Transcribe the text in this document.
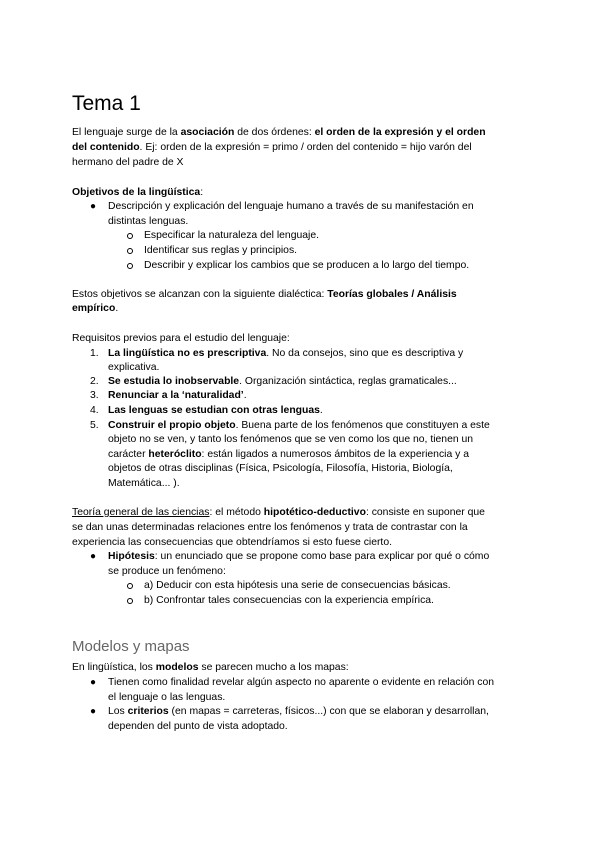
Tema 1
El lenguaje surge de la asociación de dos órdenes: el orden de la expresión y el orden
del contenido. Ej: orden de la expresión = primo / orden del contenido = hijo varón del
hermano del padre de X
Objetivos de la lingüística:
● Descripción y explicación del lenguaje humano a través de su manifestación en
distintas lenguas.
Especificar la naturaleza del lenguaje.
Identificar sus reglas y principios.
Describir y explicar los cambios que se producen a lo largo del tiempo.
Estos objetivos se alcanzan con la siguiente dialéctica: Teorías globales / Análisis
empírico.
Requisitos previos para el estudio del lenguaje:
1. La lingüística no es prescriptiva. No da consejos, sino que es descriptiva y
explicativa.
2. Se estudia lo inobservable. Organización sintáctica, reglas gramaticales...
3. Renunciar a la ‘naturalidad’.
4. Las lenguas se estudian con otras lenguas.
5. Construir el propio objeto. Buena parte de los fenómenos que constituyen a este
objeto no se ven, y tanto los fenómenos que se ven como los que no, tienen un
carácter heteróclito: están ligados a numerosos ámbitos de la experiencia y a
objetos de otras disciplinas (Física, Psicología, Filosofía, Historia, Biología,
Matemática... ).
Teoría general de las ciencias: el método hipotético-deductivo: consiste en suponer que
se dan unas determinadas relaciones entre los fenómenos y trata de contrastar con la
experiencia las consecuencias que obtendríamos si esto fuese cierto.
● Hipótesis: un enunciado que se propone como base para explicar por qué o cómo
se produce un fenómeno:
a) Deducir con esta hipótesis una serie de consecuencias básicas.
b) Confrontar tales consecuencias con la experiencia empírica.
Modelos y mapas
En lingüística, los modelos se parecen mucho a los mapas:
● Tienen como finalidad revelar algún aspecto no aparente o evidente en relación con
el lenguaje o las lenguas.
● Los criterios (en mapas = carreteras, físicos...) con que se elaboran y desarrollan,
dependen del punto de vista adoptado.
